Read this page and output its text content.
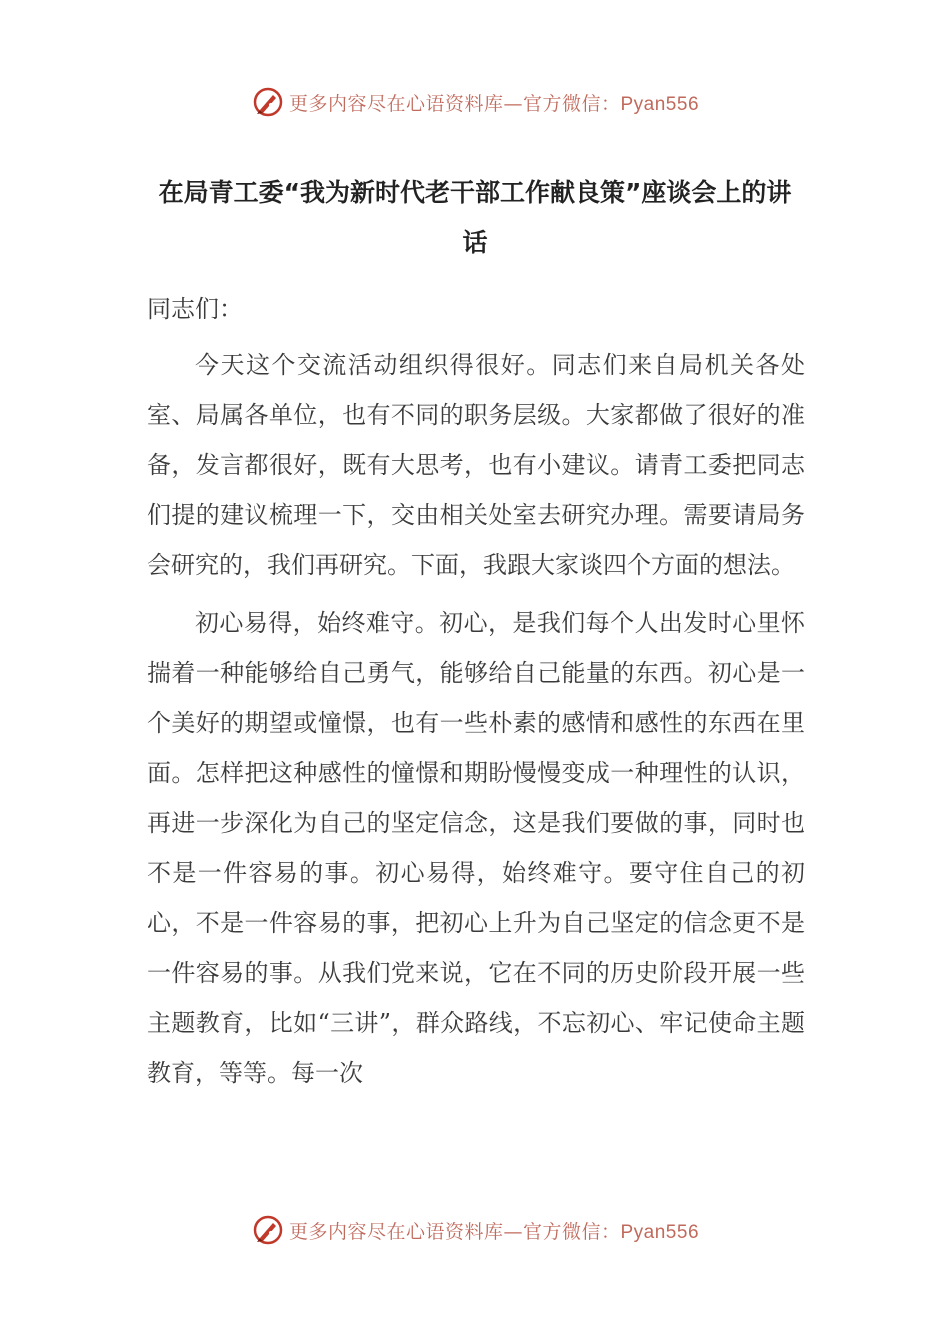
更多内容尽在心语资料库—官方微信：Pyan556
在局青工委“我为新时代老干部工作献良策”座谈会上的讲话

同志们：

今天这个交流活动组织得很好。同志们来自局机关各处室、局属各单位，也有不同的职务层级。大家都做了很好的准备，发言都很好，既有大思考，也有小建议。请青工委把同志们提的建议梳理一下，交由相关处室去研究办理。需要请局务会研究的，我们再研究。下面，我跟大家谈四个方面的想法。

初心易得，始终难守。初心，是我们每个人出发时心里怀揣着一种能够给自己勇气，能够给自己能量的东西。初心是一个美好的期望或憧憬，也有一些朴素的感情和感性的东西在里面。怎样把这种感性的憧憬和期盼慢慢变成一种理性的认识，再进一步深化为自己的坚定信念，这是我们要做的事，同时也不是一件容易的事。初心易得，始终难守。要守住自己的初心，不是一件容易的事，把初心上升为自己坚定的信念更不是一件容易的事。从我们党来说，它在不同的历史阶段开展一些主题教育，比如“三讲”，群众路线，不忘初心、牢记使命主题教育，等等。每一次

更多内容尽在心语资料库—官方微信：Pyan556
